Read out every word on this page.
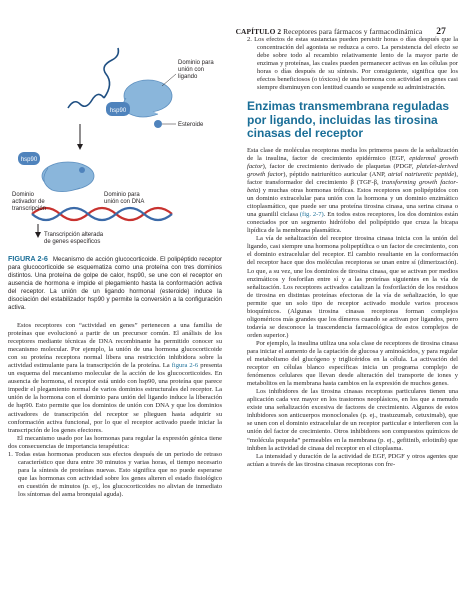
CAPÍTULO 2 Receptores para fármacos y farmacodinámica 27
hsp90
Dominio para unión con ligando
Esteroide
hsp90
Dominio activador de transcripción
Dominio para unión con DNA
Transcripción alterada de genes específicos
FIGURA 2-6 Mecanismo de acción glucocorticoide. El polipéptido receptor para glucocorticoide se esquematiza como una proteína con tres dominios distintos. Una proteína de golpe de calor, hsp90, se une con el receptor en ausencia de hormona e impide el plegamiento hasta la conformación activa del receptor. La unión de un ligando hormonal (esteroide) induce la disociación del estabilizador hsp90 y permite la conversión a la configuración activa.

Estos receptores con “actividad en genes” pertenecen a una familia de proteínas que evolucionó a partir de un precursor común. El análisis de los receptores mediante técnicas de DNA recombinante ha permitido conocer su mecanismo molecular. Por ejemplo, la unión de una hormona glucocorticoide con su proteína receptora normal libera una restricción inhibidora sobre la actividad estimulante para la transcripción de la proteína. La figura 2-6 presenta un esquema del mecanismo molecular de la acción de los glucocorticoides. En ausencia de hormona, el receptor está unido con hsp90, una proteína que parece impedir el plegamiento normal de varios dominios estructurales del receptor. La unión de la hormona con el dominio para unión del ligando induce la liberación de hsp90. Esto permite que los dominios de unión con DNA y que los dominios activadores de transcripción del receptor se plieguen hasta adquirir su conformación activa funcional, por lo que el receptor activado puede iniciar la transcripción de los genes efectores.

El mecanismo usado por las hormonas para regular la expresión génica tiene dos consecuencias de importancia terapéutica:

1. Todas estas hormonas producen sus efectos después de un periodo de retraso característico que dura entre 30 minutos y varias horas, el tiempo necesario para la síntesis de proteínas nuevas. Esto significa que no puede esperarse que las hormonas con actividad sobre los genes alteren el estado fisiológico en cuestión de minutos (p. ej., los glucocorticoides no alivian de inmediato los síntomas del asma bronquial aguda).

2. Los efectos de estas sustancias pueden persistir horas o días después que la concentración del agonista se reduzca a cero. La persistencia del efecto se debe sobre todo al recambio relativamente lento de la mayor parte de enzimas y proteínas, las cuales pueden permanecer activas en las células por horas o días después de su síntesis. Por consiguiente, significa que los efectos beneficiosos (o tóxicos) de una hormona con actividad en genes casi siempre disminuyen con lentitud cuando se suspende su administración.

Enzimas transmembrana reguladas por ligando, incluidas las tirosina cinasas del receptor

Esta clase de moléculas receptoras media los primeros pasos de la señalización de la insulina, factor de crecimiento epidérmico (EGF, epidermal growth factor), factor de crecimiento derivado de plaquetas (PDGF, platelet-derived growth factor), péptido natriurético auricular (ANP, atrial natriuretic peptide), factor transformador del crecimiento β (TGF-β, transforming growth factor-beta) y muchas otras hormonas tróficas. Estos receptores son polipéptidos con un dominio extracelular para unión con la hormona y un dominio enzimático citoplasmático, que puede ser una proteína tirosina cinasa, una serina cinasa o una guanilil ciclasa (fig. 2-7). En todos estos receptores, los dos dominios están conectados por un segmento hidrófobo del polipéptido que cruza la bicapa lipídica de la membrana plasmática.

La vía de señalización del receptor tirosina cinasa inicia con la unión del ligando, casi siempre una hormona polipeptídica o un factor de crecimiento, con el dominio extracelular del receptor. El cambio resultante en la conformación del receptor hace que dos moléculas receptoras se unan entre sí (dimerización). Lo que, a su vez, une los dominios de tirosina cinasa, que se activan por medios enzimáticos y fosforilan entre sí y a las proteínas siguientes en la vía de señalización. Los receptores activados catalizan la fosforilación de los residuos de tirosina en distintas proteínas efectoras de la vía de señalización, lo que permite que un solo tipo de receptor activado module varios procesos bioquímicos. (Algunas tirosina cinasas receptoras forman complejos oligoméricos más grandes que los dímeros cuando se activan por ligandos, pero todavía se desconoce la trascendencia farmacológica de estos complejos de orden superior.)

Por ejemplo, la insulina utiliza una sola clase de receptores de tirosina cinasa para iniciar el aumento de la captación de glucosa y aminoácidos, y para regular el metabolismo del glucógeno y triglicéridos en la célula. La activación del receptor en células blanco específicas inicia un programa complejo de fenómenos celulares que llevan desde alteración del transporte de iones y metabolitos en la membrana hasta cambios en la expresión de muchos genes.

Los inhibidores de las tirosina cinasas receptoras particulares tienen una aplicación cada vez mayor en los trastornos neoplásicos, en los que a menudo existe una señalización excesiva de factores de crecimiento. Algunos de estos inhibidores son anticuerpos monoclonales (p. ej., trastuzumab, cetuximab), que se unen con el dominio extracelular de un receptor particular e interfieren con la unión del factor de crecimiento. Otros inhibidores son compuestos químicos de “molécula pequeña” permeables en la membrana (p. ej., gefitinib, erlotinib) que inhiben la actividad de cinasa del receptor en el citoplasma.

La intensidad y duración de la actividad de EGF, PDGF y otros agentes que actúan a través de las tirosina cinasas receptoras con fre-
